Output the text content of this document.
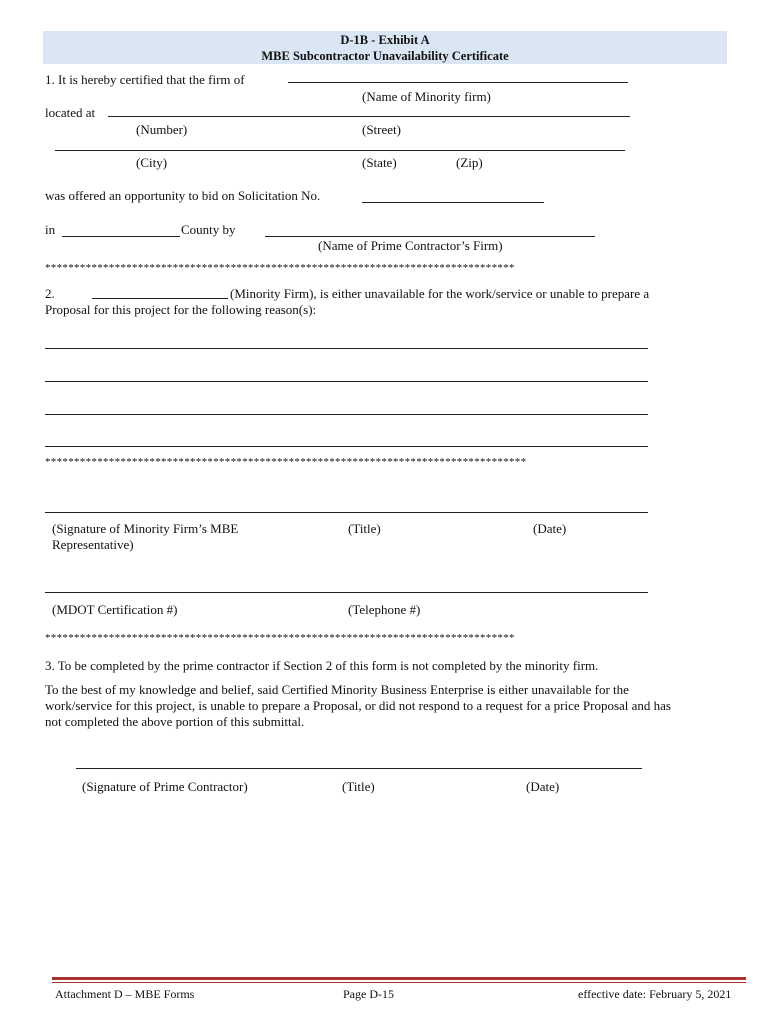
D-1B - Exhibit A
MBE Subcontractor Unavailability Certificate
1. It is hereby certified that the firm of
(Name of Minority firm)
located at
(Number)	(Street)
(City)	(State)	(Zip)
was offered an opportunity to bid on Solicitation No.
in	County by
(Name of Prime Contractor’s Firm)
*********************************************************************************
2.	(Minority Firm), is either unavailable for the work/service or unable to prepare a
Proposal for this project for the following reason(s):
***********************************************************************************
(Signature of Minority Firm’s MBE
Representative)
(Title)	(Date)
(MDOT Certification #)	(Telephone #)
*********************************************************************************
3. To be completed by the prime contractor if Section 2 of this form is not completed by the minority firm.
To the best of my knowledge and belief, said Certified Minority Business Enterprise is either unavailable for the
work/service for this project, is unable to prepare a Proposal, or did not respond to a request for a price Proposal and has
not completed the above portion of this submittal.
(Signature of Prime Contractor)	(Title)	(Date)
Attachment D – MBE Forms	Page D-15	effective date: February 5, 2021
